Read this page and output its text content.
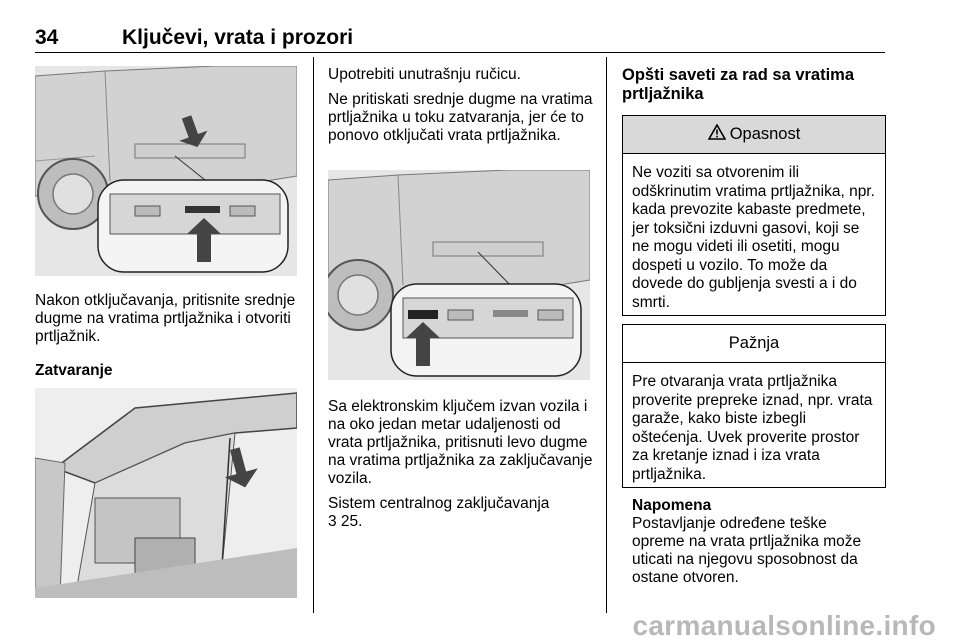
34	Ključevi, vrata i prozori

Nakon otključavanja, pritisnite srednje dugme na vratima prtljažnika i otvoriti prtljažnik.

Zatvaranje

Upotrebiti unutrašnju ručicu.

Ne pritiskati srednje dugme na vratima prtljažnika u toku zatvaranja, jer će to ponovo otključati vrata prtljažnika.

Sa elektronskim ključem izvan vozila i na oko jedan metar udaljenosti od vrata prtljažnika, pritisnuti levo dugme na vratima prtljažnika za zaključavanje vozila.

Sistem centralnog zaključavanja

3 25.

Opšti saveti za rad sa vratima prtljažnika
Opasnost
Ne voziti sa otvorenim ili odškrinutim vratima prtljažnika, npr. kada prevozite kabaste predmete, jer toksični izduvni gasovi, koji se ne mogu videti ili osetiti, mogu dospeti u vozilo. To može da dovede do gubljenja svesti a i do smrti.
Pažnja
Pre otvaranja vrata prtljažnika proverite prepreke iznad, npr. vrata garaže, kako biste izbegli oštećenja. Uvek proverite prostor za kretanje iznad i iza vrata prtljažnika.

Napomena

Postavljanje određene teške opreme na vrata prtljažnika može uticati na njegovu sposobnost da ostane otvoren.

carmanualsonline.info
